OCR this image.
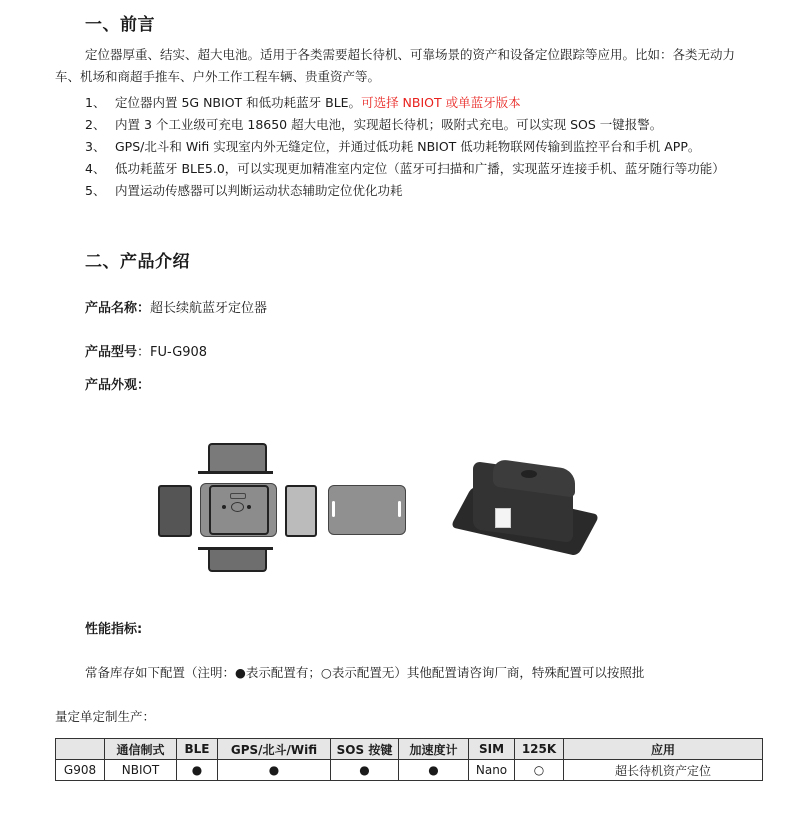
一、前言
定位器厚重、结实、超大电池。适用于各类需要超长待机、可靠场景的资产和设备定位跟踪等应用。比如：各类无动力
车、机场和商超手推车、户外工作工程车辆、贵重资产等。
1、 定位器内置 5G NBIOT 和低功耗蓝牙 BLE。可选择 NBIOT 或单蓝牙版本
2、 内置 3 个工业级可充电 18650 超大电池，实现超长待机；吸附式充电。可以实现 SOS 一键报警。
3、 GPS/北斗和 Wifi 实现室内外无缝定位，并通过低功耗 NBIOT 低功耗物联网传输到监控平台和手机 APP。
4、 低功耗蓝牙 BLE5.0，可以实现更加精准室内定位（蓝牙可扫描和广播，实现蓝牙连接手机、蓝牙随行等功能）
5、 内置运动传感器可以判断运动状态辅助定位优化功耗
二、产品介绍
产品名称：超长续航蓝牙定位器
产品型号：FU-G908
产品外观：
性能指标:
常备库存如下配置（注明：●表示配置有；○表示配置无）其他配置请咨询厂商，特殊配置可以按照批
量定单定制生产：
	通信制式	BLE	GPS/北斗/Wifi	SOS 按键	加速度计	SIM	125K	应用
G908	NBIOT	●	●	●	●	Nano	○	超长待机资产定位
